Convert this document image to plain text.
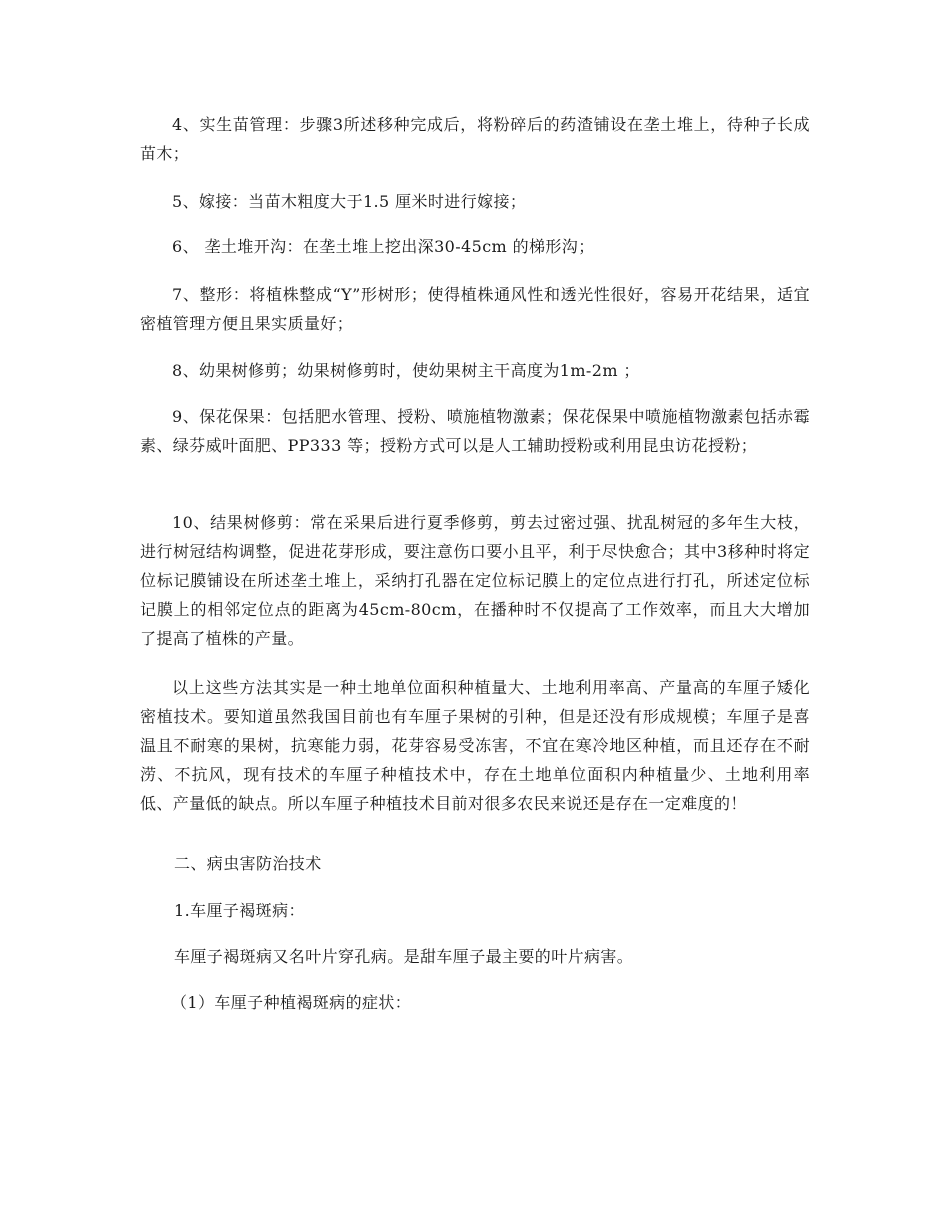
4、实生苗管理：步骤3所述移种完成后，将粉碎后的药渣铺设在垄土堆上，待种子长成苗木；

5、嫁接：当苗木粗度大于1.5 厘米时进行嫁接；

6、 垄土堆开沟：在垄土堆上挖出深30-45cm 的梯形沟；

7、整形：将植株整成“Y”形树形；使得植株通风性和透光性很好，容易开花结果，适宜密植管理方便且果实质量好；

8、幼果树修剪；幼果树修剪时，使幼果树主干高度为1m-2m ；

9、保花保果：包括肥水管理、授粉、喷施植物激素；保花保果中喷施植物激素包括赤霉素、绿芬威叶面肥、PP333 等；授粉方式可以是人工辅助授粉或利用昆虫访花授粉；

10、结果树修剪：常在采果后进行夏季修剪，剪去过密过强、扰乱树冠的多年生大枝，进行树冠结构调整，促进花芽形成，要注意伤口要小且平，利于尽快愈合；其中3移种时将定位标记膜铺设在所述垄土堆上，采纳打孔器在定位标记膜上的定位点进行打孔，所述定位标记膜上的相邻定位点的距离为45cm-80cm，在播种时不仅提高了工作效率，而且大大增加了提高了植株的产量。

以上这些方法其实是一种土地单位面积种植量大、土地利用率高、产量高的车厘子矮化密植技术。要知道虽然我国目前也有车厘子果树的引种，但是还没有形成规模；车厘子是喜温且不耐寒的果树，抗寒能力弱，花芽容易受冻害，不宜在寒冷地区种植，而且还存在不耐涝、不抗风，现有技术的车厘子种植技术中，存在土地单位面积内种植量少、土地利用率低、产量低的缺点。所以车厘子种植技术目前对很多农民来说还是存在一定难度的！

二、病虫害防治技术

1.车厘子褐斑病：

车厘子褐斑病又名叶片穿孔病。是甜车厘子最主要的叶片病害。

（1）车厘子种植褐斑病的症状：
